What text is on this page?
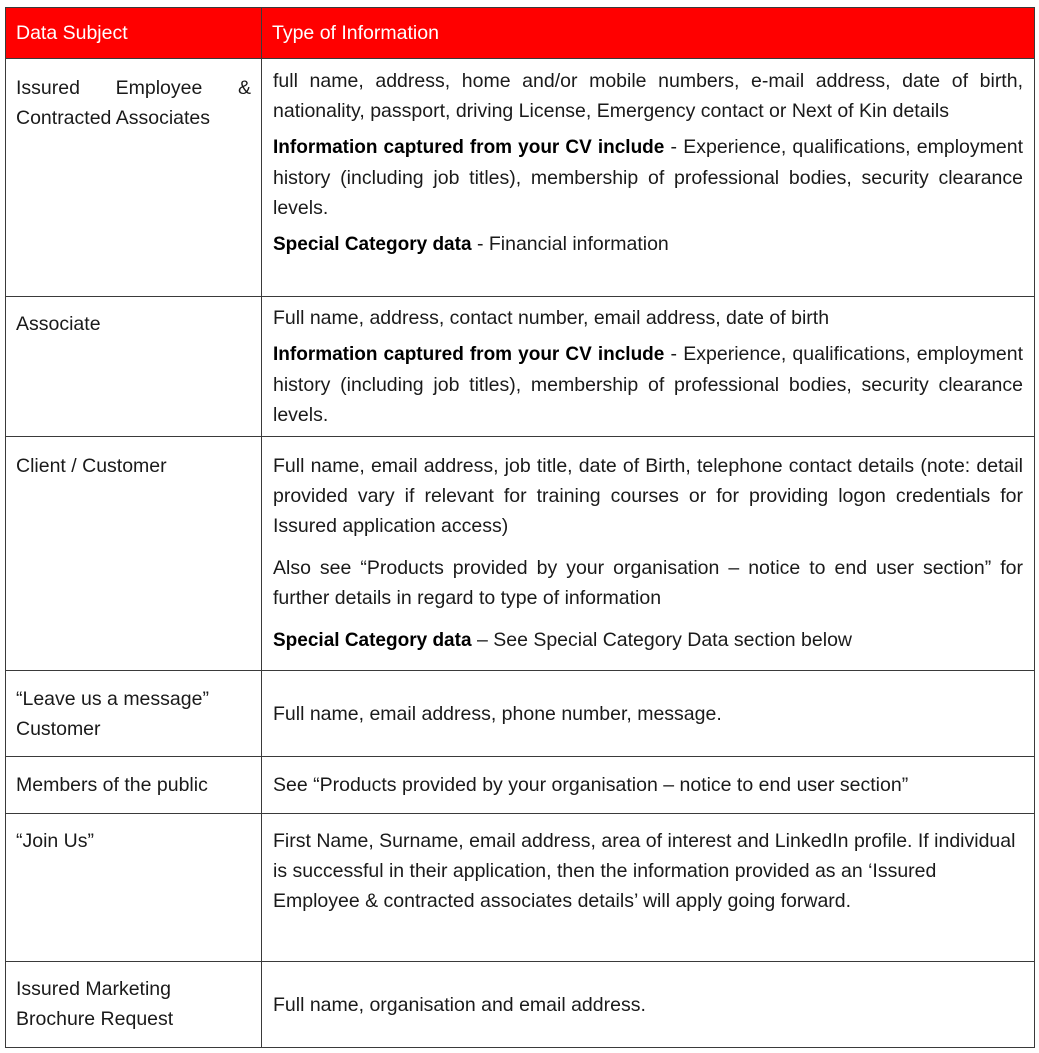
Data Subject	Type of Information

Issured Employee & Contracted Associates	full name, address, home and/or mobile numbers, e-mail address, date of birth, nationality, passport, driving License, Emergency contact or Next of Kin details

Information captured from your CV include - Experience, qualifications, employment history (including job titles), membership of professional bodies, security clearance levels.

Special Category data - Financial information

Associate	Full name, address, contact number, email address, date of birth

Information captured from your CV include - Experience, qualifications, employment history (including job titles), membership of professional bodies, security clearance levels.

Client / Customer	Full name, email address, job title, date of Birth, telephone contact details (note: detail provided vary if relevant for training courses or for providing logon credentials for Issured application access)

Also see “Products provided by your organisation – notice to end user section” for further details in regard to type of information

Special Category data – See Special Category Data section below

“Leave us a message” Customer	Full name, email address, phone number, message.

Members of the public	See “Products provided by your organisation – notice to end user section”

“Join Us”	First Name, Surname, email address, area of interest and LinkedIn profile. If individual is successful in their application, then the information provided as an ‘Issured Employee & contracted associates details’ will apply going forward.

Issured Marketing Brochure Request	Full name, organisation and email address.
